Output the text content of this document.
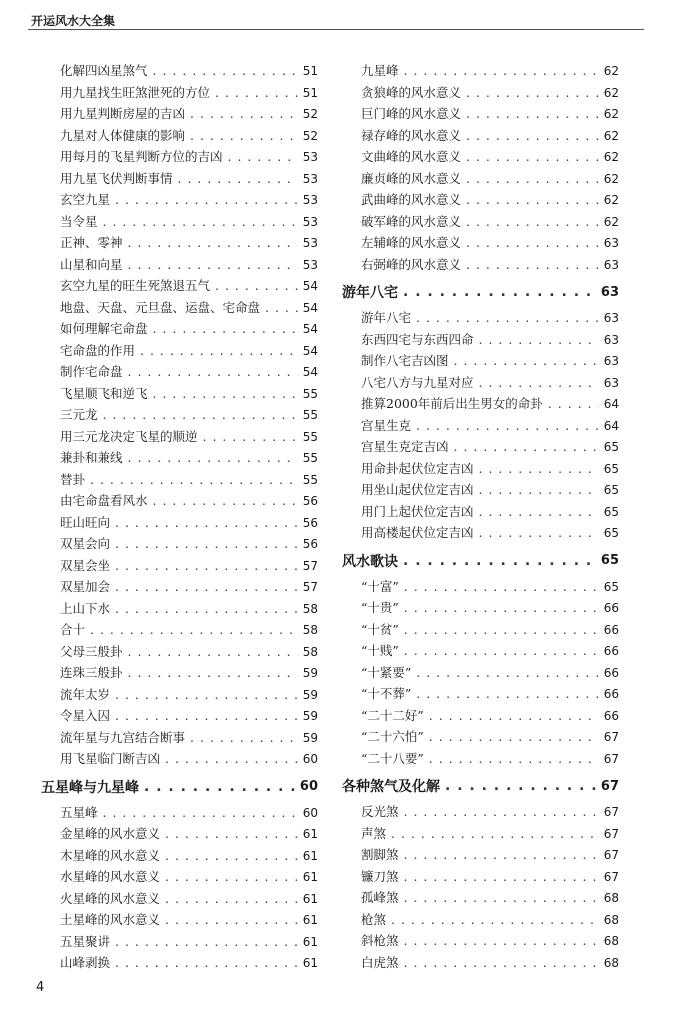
开运风水大全集
化解四凶星煞气 . . .	51
用九星找生旺煞泄死的方位 . . .	51
用九星判断房屋的吉凶 . . .	52
九星对人体健康的影响 . . .	52
用每月的飞星判断方位的吉凶 . . .	53
用九星飞伏判断事情 . . .	53
玄空九星 . . .	53
当令星 . . .	53
正神、零神 . . .	53
山星和向星 . . .	53
玄空九星的旺生死煞退五气 . . .	54
地盘、天盘、元旦盘、运盘、宅命盘 . . .	54
如何理解宅命盘 . . .	54
宅命盘的作用 . . .	54
制作宅命盘 . . .	54
飞星顺飞和逆飞 . . .	55
三元龙 . . .	55
用三元龙决定飞星的顺逆 . . .	55
兼卦和兼线 . . .	55
替卦 . . .	55
由宅命盘看风水 . . .	56
旺山旺向 . . .	56
双星会向 . . .	56
双星会坐 . . .	57
双星加会 . . .	57
上山下水 . . .	58
合十 . . .	58
父母三般卦 . . .	58
连珠三般卦 . . .	59
流年太岁 . . .	59
令星入囚 . . .	59
流年星与九宫结合断事 . . .	59
用飞星临门断吉凶 . . .	60
五星峰与九星峰 . . .	60
五星峰 . . .	60
金星峰的风水意义 . . .	61
木星峰的风水意义 . . .	61
水星峰的风水意义 . . .	61
火星峰的风水意义 . . .	61
土星峰的风水意义 . . .	61
五星聚讲 . . .	61
山峰剥换 . . .	61
九星峰 . . .	62
贪狼峰的风水意义 . . .	62
巨门峰的风水意义 . . .	62
禄存峰的风水意义 . . .	62
文曲峰的风水意义 . . .	62
廉贞峰的风水意义 . . .	62
武曲峰的风水意义 . . .	62
破军峰的风水意义 . . .	62
左辅峰的风水意义 . . .	63
右弼峰的风水意义 . . .	63
游年八宅 . . .	63
游年八宅 . . .	63
东西四宅与东西四命 . . .	63
制作八宅吉凶图 . . .	63
八宅八方与九星对应 . . .	63
推算2000年前后出生男女的命卦 . . .	64
宫星生克 . . .	64
宫星生克定吉凶 . . .	65
用命卦起伏位定吉凶 . . .	65
用坐山起伏位定吉凶 . . .	65
用门上起伏位定吉凶 . . .	65
用高楼起伏位定吉凶 . . .	65
风水歌诀 . . .	65
“十富” . . .	65
“十贵” . . .	66
“十贫” . . .	66
“十贱” . . .	66
“十紧要” . . .	66
“十不葬” . . .	66
“二十二好” . . .	66
“二十六怕” . . .	67
“二十八要” . . .	67
各种煞气及化解 . . .	67
反光煞 . . .	67
声煞 . . .	67
割脚煞 . . .	67
镰刀煞 . . .	67
孤峰煞 . . .	68
枪煞 . . .	68
斜枪煞 . . .	68
白虎煞 . . .	68
4
